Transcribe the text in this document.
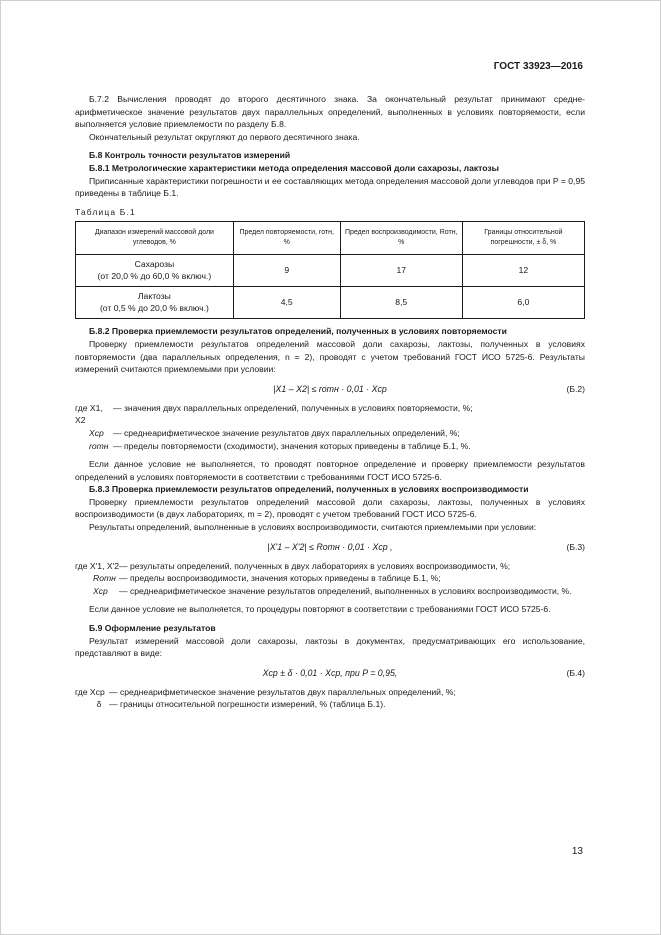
ГОСТ 33923—2016

Б.7.2 Вычисления проводят до второго десятичного знака. За окончательный результат принимают среднеарифметическое значение результатов двух параллельных определений, выполненных в условиях повторяемости, если выполняется условие приемлемости по разделу Б.8.

Окончательный результат округляют до первого десятичного знака.

Б.8 Контроль точности результатов измерений

Б.8.1 Метрологические характеристики метода определения массовой доли сахарозы, лактозы

Приписанные характеристики погрешности и ее составляющих метода определения массовой доли углеводов при P = 0,95 приведены в таблице Б.1.

Таблица Б.1
Диапазон измерений массовой доли углеводов, %	Предел повторяемости, rотн, %	Предел воспроизводимости, Rотн, %	Границы относительной погрешности, ± δ, %
Сахарозы
(от 20,0 % до 60,0 % включ.)	9	17	12
Лактозы
(от 0,5 % до 20,0 % включ.)	4,5	8,5	6,0

Б.8.2 Проверка приемлемости результатов определений, полученных в условиях повторяемости

Проверку приемлемости результатов определений массовой доли сахарозы, лактозы, полученных в условиях повторяемости (два параллельных определения, n = 2), проводят с учетом требований ГОСТ ИСО 5725-6. Результаты измерений считаются приемлемыми при условии:

|X1 – X2| ≤ rотн · 0,01 · Xср	(Б.2)
где X1, X2
— значения двух параллельных определений, полученных в условиях повторяемости, %;
Xср	— среднеарифметическое значение результатов двух параллельных определений, %;
rотн — пределы повторяемости (сходимости), значения которых приведены в таблице Б.1, %.

Если данное условие не выполняется, то проводят повторное определение и проверку приемлемости результатов определений в условиях повторяемости в соответствии с требованиями ГОСТ ИСО 5725-6.

Б.8.3 Проверка приемлемости результатов определений, полученных в условиях воспроизводимости

Проверку приемлемости результатов определений массовой доли сахарозы, лактозы, полученных в условиях воспроизводимости (в двух лабораториях, m = 2), проводят с учетом требований ГОСТ ИСО 5725-6.

Результаты определений, выполненные в условиях воспроизводимости, считаются приемлемыми при условии:

|X'1 – X'2| ≤ Rотн · 0,01 · Xср ,	(Б.3)
где X'1, X'2 — результаты определений, полученных в двух лабораториях в условиях воспроизводимости, %;
Rотн — пределы воспроизводимости, значения которых приведены в таблице Б.1, %;
Xср	— среднеарифметическое значение результатов определений, выполненных в условиях воспроизводимости, %.

Если данное условие не выполняется, то процедуры повторяют в соответствии с требованиями ГОСТ ИСО 5725-6.

Б.9 Оформление результатов

Результат измерений массовой доли сахарозы, лактозы в документах, предусматривающих его использование, представляют в виде:

Xср ± δ · 0,01 · Xср, при P = 0,95,	(Б.4)
где Xср — среднеарифметическое значение результатов двух параллельных определений, %;
δ — границы относительной погрешности измерений, % (таблица Б.1).
13
